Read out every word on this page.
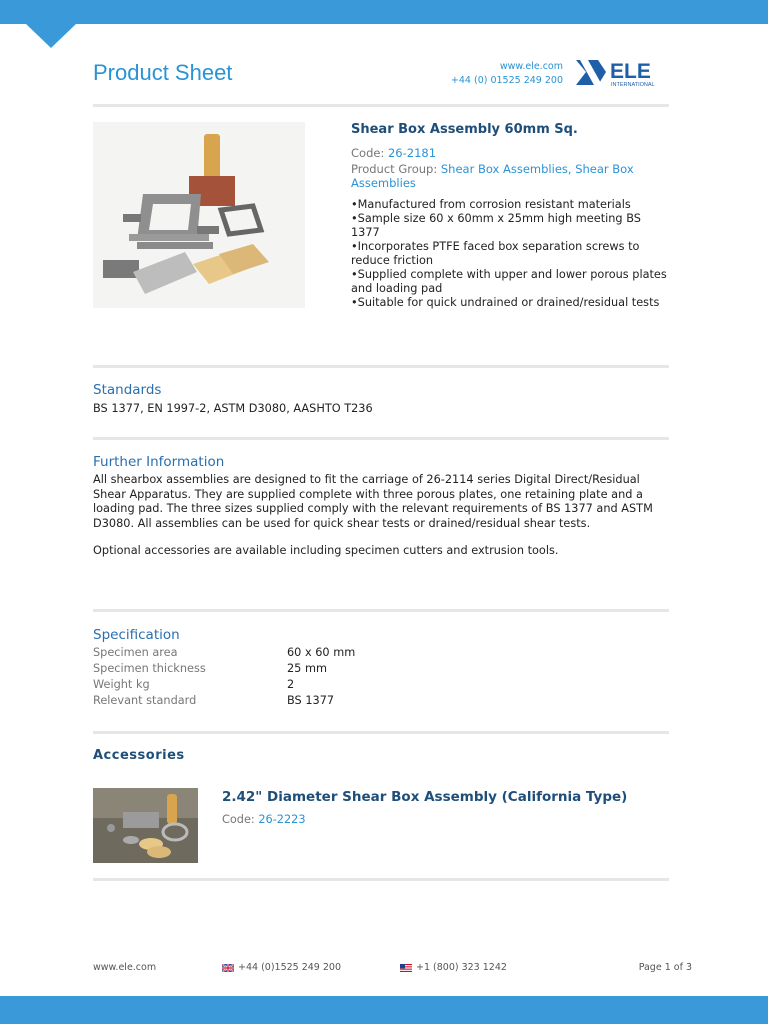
Product Sheet	www.ele.com
+44 (0) 01525 249 200 ELE
INTERNATIONAL
Shear Box Assembly 60mm Sq.
Code: 26-2181
Product Group: Shear Box Assemblies, Shear Box Assemblies
•Manufactured from corrosion resistant materials
•Sample size 60 x 60mm x 25mm high meeting BS 1377
•Incorporates PTFE faced box separation screws to reduce friction
•Supplied complete with upper and lower porous plates and loading pad
•Suitable for quick undrained or drained/residual tests
Standards
BS 1377, EN 1997-2, ASTM D3080, AASHTO T236
Further Information
All shearbox assemblies are designed to fit the carriage of 26-2114 series Digital Direct/Residual Shear Apparatus. They are supplied complete with three porous plates, one retaining plate and a loading pad. The three sizes supplied comply with the relevant requirements of BS 1377 and ASTM D3080. All assemblies can be used for quick shear tests or drained/residual shear tests.
Optional accessories are available including specimen cutters and extrusion tools.
Specification
Specimen area	60 x 60 mm
Specimen thickness	25 mm
Weight kg	2
Relevant standard	BS 1377
Accessories
2.42" Diameter Shear Box Assembly (California Type)
Code: 26-2223
www.ele.com	+44 (0)1525 249 200	+1 (800) 323 1242	Page 1 of 3
